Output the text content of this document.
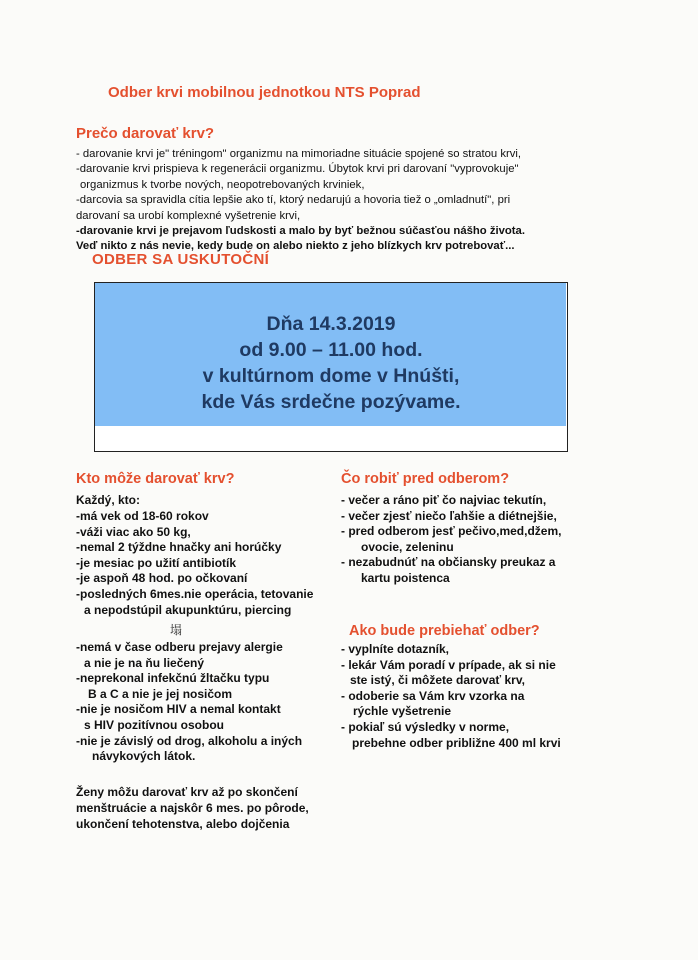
Odber krvi mobilnou jednotkou NTS Poprad
Prečo darovať krv?
- darovanie krvi je" tréningom" organizmu na mimoriadne situácie spojené so stratou krvi,
-darovanie krvi prispieva k regenerácii organizmu. Úbytok krvi pri darovaní "vyprovokuje"
organizmus k tvorbe nových, neopotrebovaných krviniek,
-darcovia sa spravidla cítia lepšie ako tí, ktorý nedarujú a hovoria tiež o „omladnutí", pri
darovaní sa urobí komplexné vyšetrenie krvi,
-darovanie krvi je prejavom ľudskosti a malo by byť bežnou súčasťou nášho života.
Veď nikto z nás nevie, kedy bude on alebo niekto z jeho blízkych krv potrebovať...
ODBER SA USKUTOČNÍ
Dňa 14.3.2019
od 9.00 – 11.00 hod.
v kultúrnom dome v Hnúšti,
kde Vás srdečne pozývame.
Kto môže darovať krv?
Každý, kto:
-má vek od 18-60 rokov
-váži viac ako 50 kg,
-nemal 2 týždne hnačky ani horúčky
-je mesiac po užití antibiotík
-je aspoň 48 hod. po očkovaní
-posledných 6mes.nie operácia, tetovanie
a nepodstúpil akupunktúru, piercing
塌
-nemá v čase odberu prejavy alergie
a nie je na ňu liečený
-neprekonal infekčnú žltačku typu
B a C a nie je jej nosičom
-nie je nosičom HIV a nemal kontakt
s HIV pozitívnou osobou
-nie je závislý od drog, alkoholu a iných
návykových látok.
Ženy môžu darovať krv až po skončení
menštruácie a najskôr 6 mes. po pôrode,
ukončení tehotenstva, alebo dojčenia
Čo robiť pred odberom?
- večer a ráno piť čo najviac tekutín,
- večer zjesť niečo ľahšie a diétnejšie,
- pred odberom jesť pečivo,med,džem,
ovocie, zeleninu
- nezabudnúť na občiansky preukaz a
kartu poistenca
Ako bude prebiehať odber?
- vyplníte dotazník,
- lekár Vám poradí v prípade, ak si nie
ste istý, či môžete darovať krv,
- odoberie sa Vám krv vzorka na
rýchle vyšetrenie
- pokiaľ sú výsledky v norme,
prebehne odber približne 400 ml krvi
